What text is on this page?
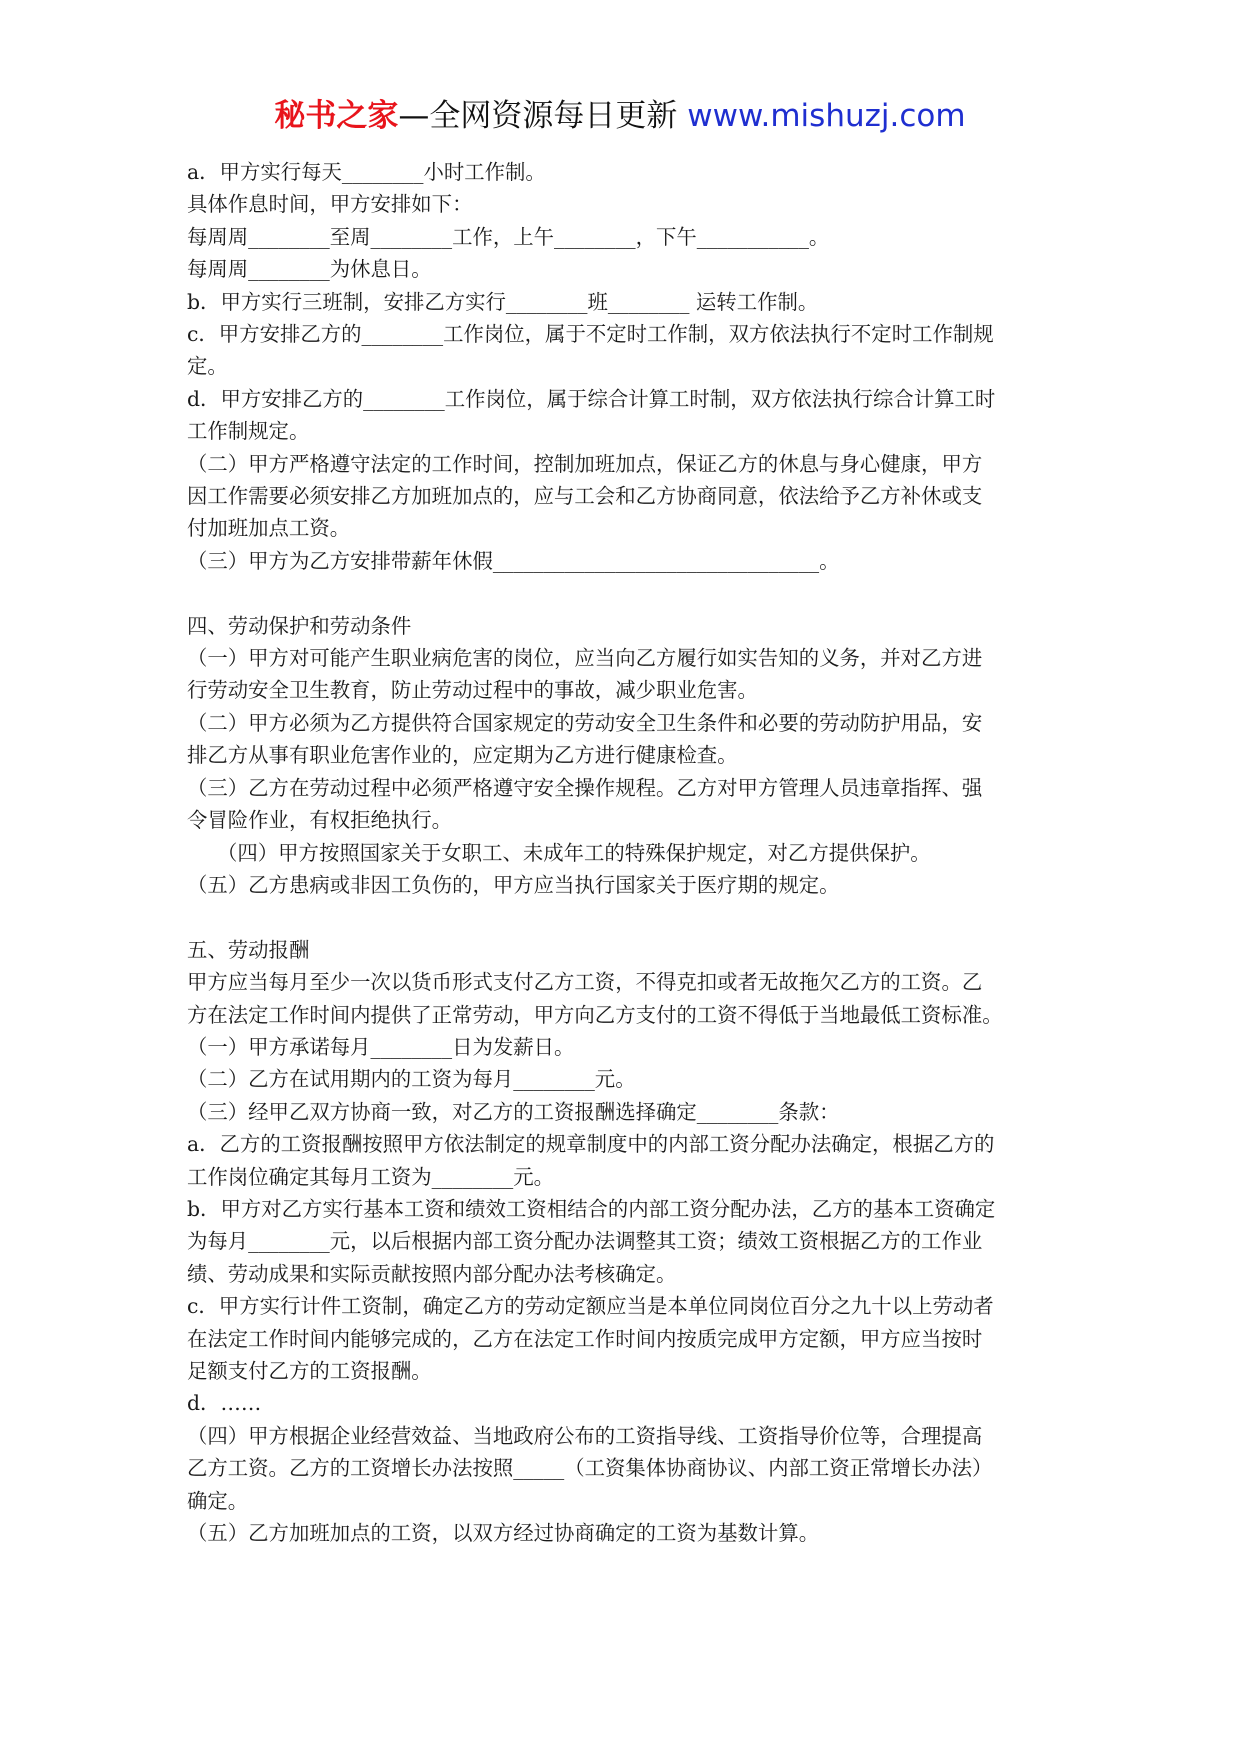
秘书之家—全网资源每日更新 www.mishuzj.com

a．甲方实行每天________小时工作制。

具体作息时间，甲方安排如下：

每周周________至周________工作，上午________，下午___________。

每周周________为休息日。

b．甲方实行三班制，安排乙方实行________班________ 运转工作制。

c．甲方安排乙方的________工作岗位，属于不定时工作制，双方依法执行不定时工作制规

定。

d．甲方安排乙方的________工作岗位，属于综合计算工时制，双方依法执行综合计算工时

工作制规定。

（二）甲方严格遵守法定的工作时间，控制加班加点，保证乙方的休息与身心健康，甲方

因工作需要必须安排乙方加班加点的，应与工会和乙方协商同意，依法给予乙方补休或支

付加班加点工资。

（三）甲方为乙方安排带薪年休假________________________________。

四、劳动保护和劳动条件

（一）甲方对可能产生职业病危害的岗位，应当向乙方履行如实告知的义务，并对乙方进

行劳动安全卫生教育，防止劳动过程中的事故，减少职业危害。

（二）甲方必须为乙方提供符合国家规定的劳动安全卫生条件和必要的劳动防护用品，安

排乙方从事有职业危害作业的，应定期为乙方进行健康检查。

（三）乙方在劳动过程中必须严格遵守安全操作规程。乙方对甲方管理人员违章指挥、强

令冒险作业，有权拒绝执行。

（四）甲方按照国家关于女职工、未成年工的特殊保护规定，对乙方提供保护。

（五）乙方患病或非因工负伤的，甲方应当执行国家关于医疗期的规定。

五、劳动报酬

甲方应当每月至少一次以货币形式支付乙方工资，不得克扣或者无故拖欠乙方的工资。乙

方在法定工作时间内提供了正常劳动，甲方向乙方支付的工资不得低于当地最低工资标准。

（一）甲方承诺每月________日为发薪日。

（二）乙方在试用期内的工资为每月________元。

（三）经甲乙双方协商一致，对乙方的工资报酬选择确定________条款：

a．乙方的工资报酬按照甲方依法制定的规章制度中的内部工资分配办法确定，根据乙方的

工作岗位确定其每月工资为________元。

b．甲方对乙方实行基本工资和绩效工资相结合的内部工资分配办法，乙方的基本工资确定

为每月________元，以后根据内部工资分配办法调整其工资；绩效工资根据乙方的工作业

绩、劳动成果和实际贡献按照内部分配办法考核确定。

c．甲方实行计件工资制，确定乙方的劳动定额应当是本单位同岗位百分之九十以上劳动者

在法定工作时间内能够完成的，乙方在法定工作时间内按质完成甲方定额，甲方应当按时

足额支付乙方的工资报酬。

d．……

（四）甲方根据企业经营效益、当地政府公布的工资指导线、工资指导价位等，合理提高

乙方工资。乙方的工资增长办法按照_____（工资集体协商协议、内部工资正常增长办法）

确定。

（五）乙方加班加点的工资，以双方经过协商确定的工资为基数计算。
